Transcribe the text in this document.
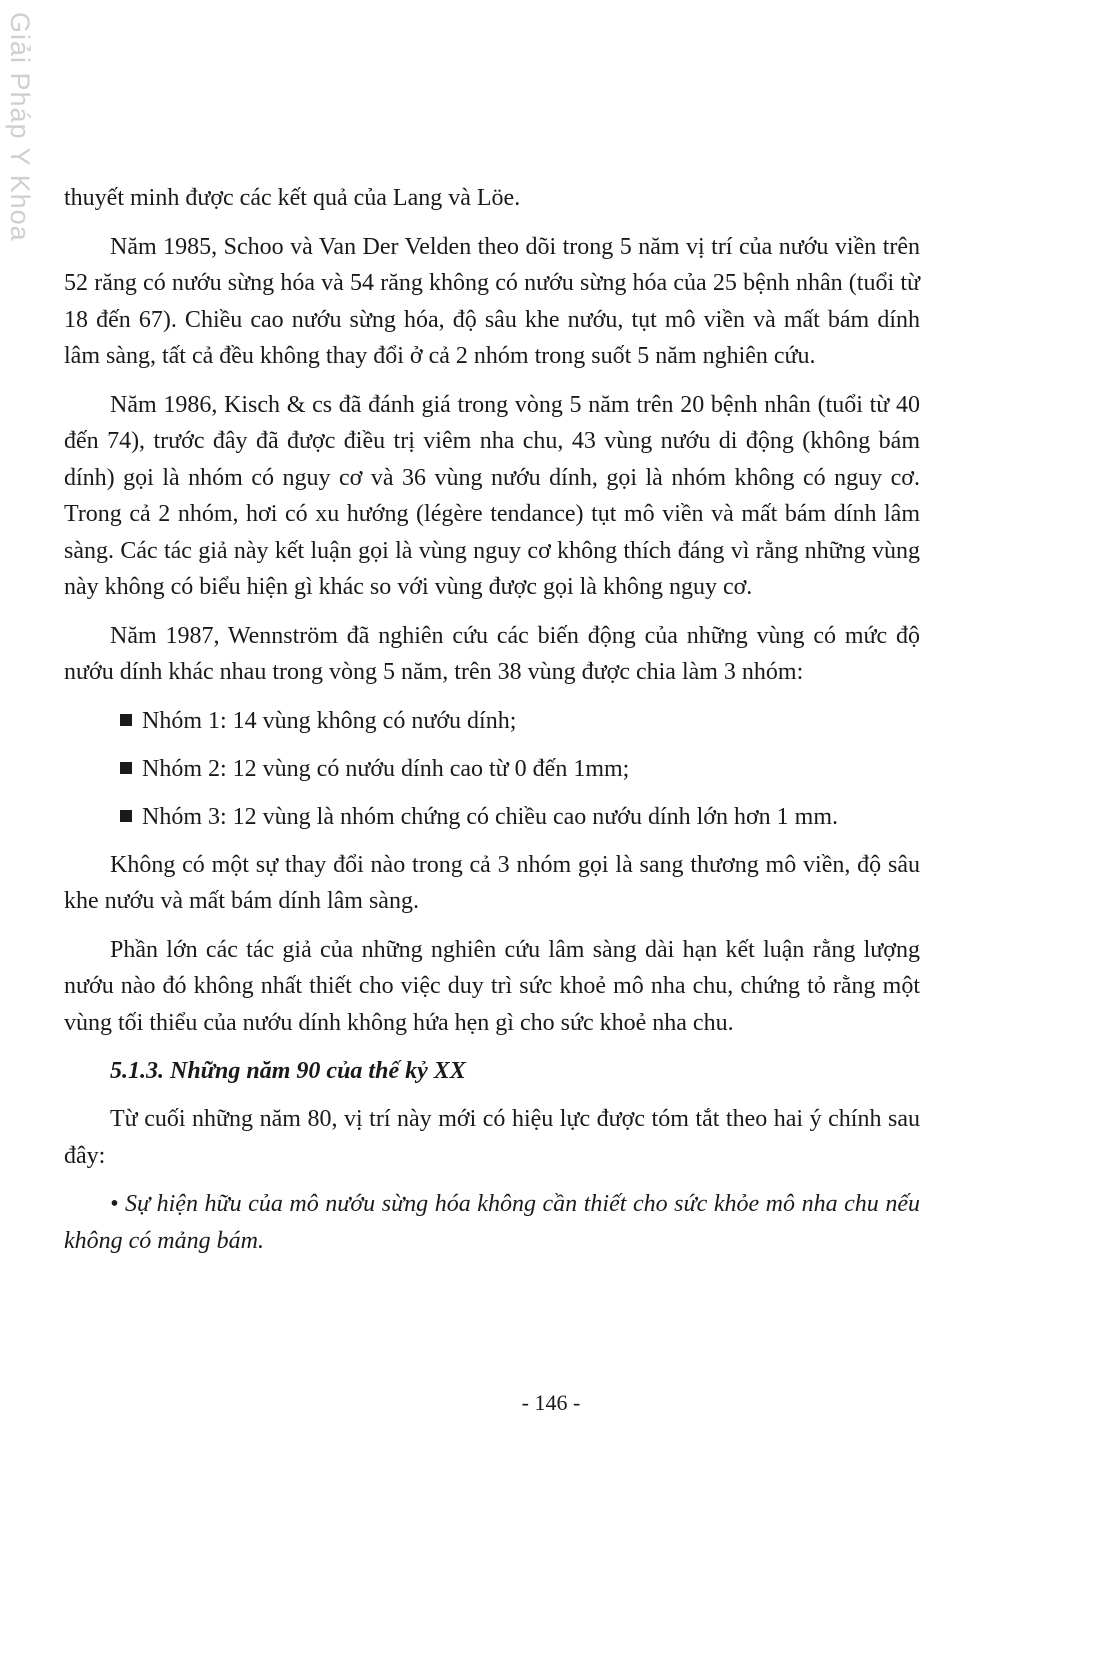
Giải Pháp Y Khoa thuyết minh được các kết quả của Lang và Löe.

Năm 1985, Schoo và Van Der Velden theo dõi trong 5 năm vị trí của nướu viền trên 52 răng có nướu sừng hóa và 54 răng không có nướu sừng hóa của 25 bệnh nhân (tuổi từ 18 đến 67). Chiều cao nướu sừng hóa, độ sâu khe nướu, tụt mô viền và mất bám dính lâm sàng, tất cả đều không thay đổi ở cả 2 nhóm trong suốt 5 năm nghiên cứu.

Năm 1986, Kisch & cs đã đánh giá trong vòng 5 năm trên 20 bệnh nhân (tuổi từ 40 đến 74), trước đây đã được điều trị viêm nha chu, 43 vùng nướu di động (không bám dính) gọi là nhóm có nguy cơ và 36 vùng nướu dính, gọi là nhóm không có nguy cơ. Trong cả 2 nhóm, hơi có xu hướng (légère tendance) tụt mô viền và mất bám dính lâm sàng. Các tác giả này kết luận gọi là vùng nguy cơ không thích đáng vì rằng những vùng này không có biểu hiện gì khác so với vùng được gọi là không nguy cơ.

Năm 1987, Wennström đã nghiên cứu các biến động của những vùng có mức độ nướu dính khác nhau trong vòng 5 năm, trên 38 vùng được chia làm 3 nhóm:

Nhóm 1: 14 vùng không có nướu dính;
Nhóm 2: 12 vùng có nướu dính cao từ 0 đến 1mm;
Nhóm 3: 12 vùng là nhóm chứng có chiều cao nướu dính lớn hơn 1 mm.

Không có một sự thay đổi nào trong cả 3 nhóm gọi là sang thương mô viền, độ sâu khe nướu và mất bám dính lâm sàng.

Phần lớn các tác giả của những nghiên cứu lâm sàng dài hạn kết luận rằng lượng nướu nào đó không nhất thiết cho việc duy trì sức khoẻ mô nha chu, chứng tỏ rằng một vùng tối thiểu của nướu dính không hứa hẹn gì cho sức khoẻ nha chu.

5.1.3. Những năm 90 của thế kỷ XX

Từ cuối những năm 80, vị trí này mới có hiệu lực được tóm tắt theo hai ý chính sau đây:

• Sự hiện hữu của mô nướu sừng hóa không cần thiết cho sức khỏe mô nha chu nếu không có mảng bám.

- 146 -
